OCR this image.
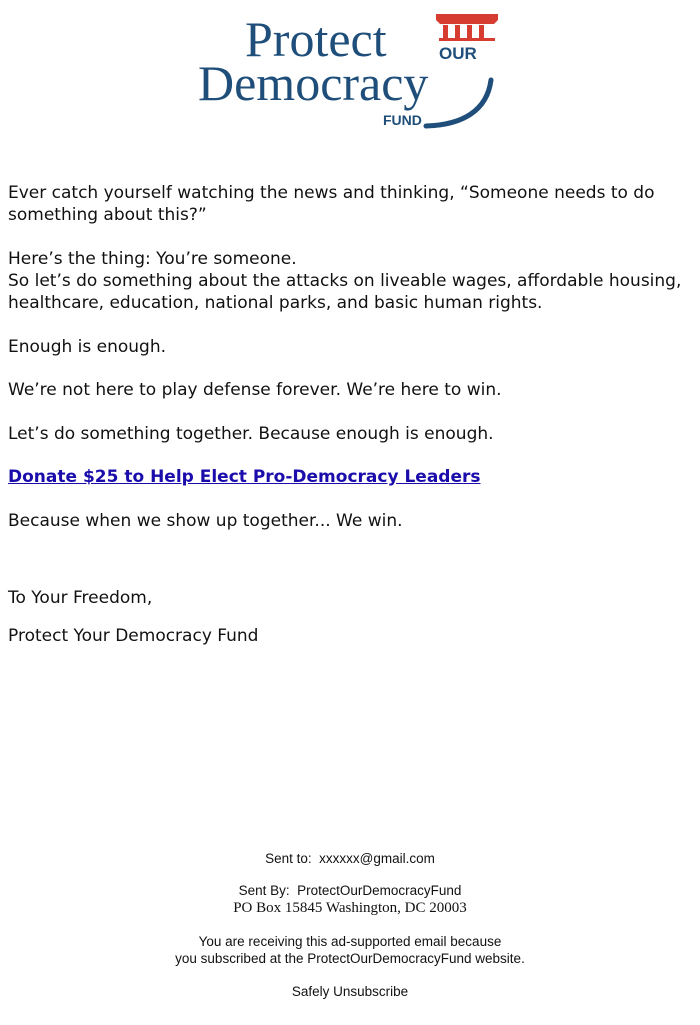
Protect	OUR
Democracy
FUND

Ever catch yourself watching the news and thinking, “Someone needs to do something about this?”

Here’s the thing: You’re someone.

So let’s do something about the attacks on liveable wages, affordable housing, healthcare, education, national parks, and basic human rights.

Enough is enough.

We’re not here to play defense forever. We’re here to win.

Let’s do something together. Because enough is enough.

Donate $25 to Help Elect Pro-Democracy Leaders

Because when we show up together... We win.

To Your Freedom,

Protect Your Democracy Fund

Sent to:  xxxxxx@gmail.com
Sent By:  ProtectOurDemocracyFund
PO Box 15845 Washington, DC 20003
You are receiving this ad-supported email because
you subscribed at the ProtectOurDemocracyFund website.
Safely Unsubscribe
